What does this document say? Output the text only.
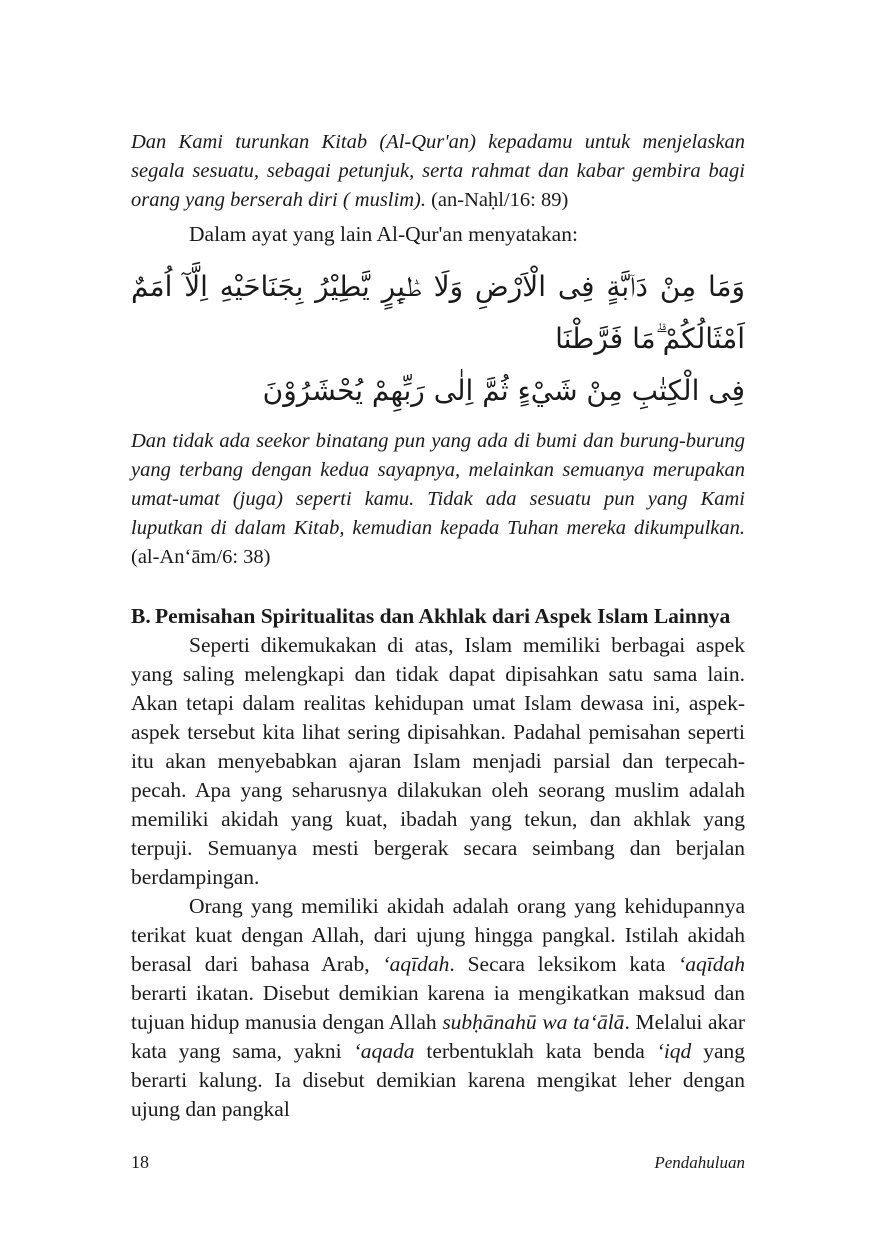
Dan Kami turunkan Kitab (Al-Qur'an) kepadamu untuk menjelaskan segala sesuatu, sebagai petunjuk, serta rahmat dan kabar gembira bagi orang yang berserah diri ( muslim). (an-Naḥl/16: 89)

Dalam ayat yang lain Al-Qur'an menyatakan:

وَمَا مِنْ دَاۤبَّةٍ فِى الْاَرْضِ وَلَا طٰۤىِٕرٍ يَّطِيْرُ بِجَنَاحَيْهِ اِلَّآ اُمَمٌ اَمْثَالُكُمْ ۗمَا فَرَّطْنَا
فِى الْكِتٰبِ مِنْ شَيْءٍ ثُمَّ اِلٰى رَبِّهِمْ يُحْشَرُوْنَ

Dan tidak ada seekor binatang pun yang ada di bumi dan burung-burung yang terbang dengan kedua sayapnya, melainkan semuanya merupakan umat-umat (juga) seperti kamu. Tidak ada sesuatu pun yang Kami luputkan di dalam Kitab, kemudian kepada Tuhan mereka dikumpulkan. (al-An‘ām/6: 38)

B. Pemisahan Spiritualitas dan Akhlak dari Aspek Islam Lainnya

Seperti dikemukakan di atas, Islam memiliki berbagai aspek yang saling melengkapi dan tidak dapat dipisahkan satu sama lain. Akan tetapi dalam realitas kehidupan umat Islam dewasa ini, aspek-aspek tersebut kita lihat sering dipisahkan. Padahal pemisahan seperti itu akan menyebabkan ajaran Islam menjadi parsial dan terpecah-pecah. Apa yang seharusnya dilakukan oleh seorang muslim adalah memiliki akidah yang kuat, ibadah yang tekun, dan akhlak yang terpuji. Semuanya mesti bergerak secara seimbang dan berjalan berdampingan.

Orang yang memiliki akidah adalah orang yang kehidupannya terikat kuat dengan Allah, dari ujung hingga pangkal. Istilah akidah berasal dari bahasa Arab, ‘aqīdah. Secara leksikom kata ‘aqīdah berarti ikatan. Disebut demikian karena ia mengikatkan maksud dan tujuan hidup manusia dengan Allah subḥānahū wa ta‘ālā. Melalui akar kata yang sama, yakni ‘aqada terbentuklah kata benda ‘iqd yang berarti kalung. Ia disebut demikian karena mengikat leher dengan ujung dan pangkal

18	Pendahuluan
